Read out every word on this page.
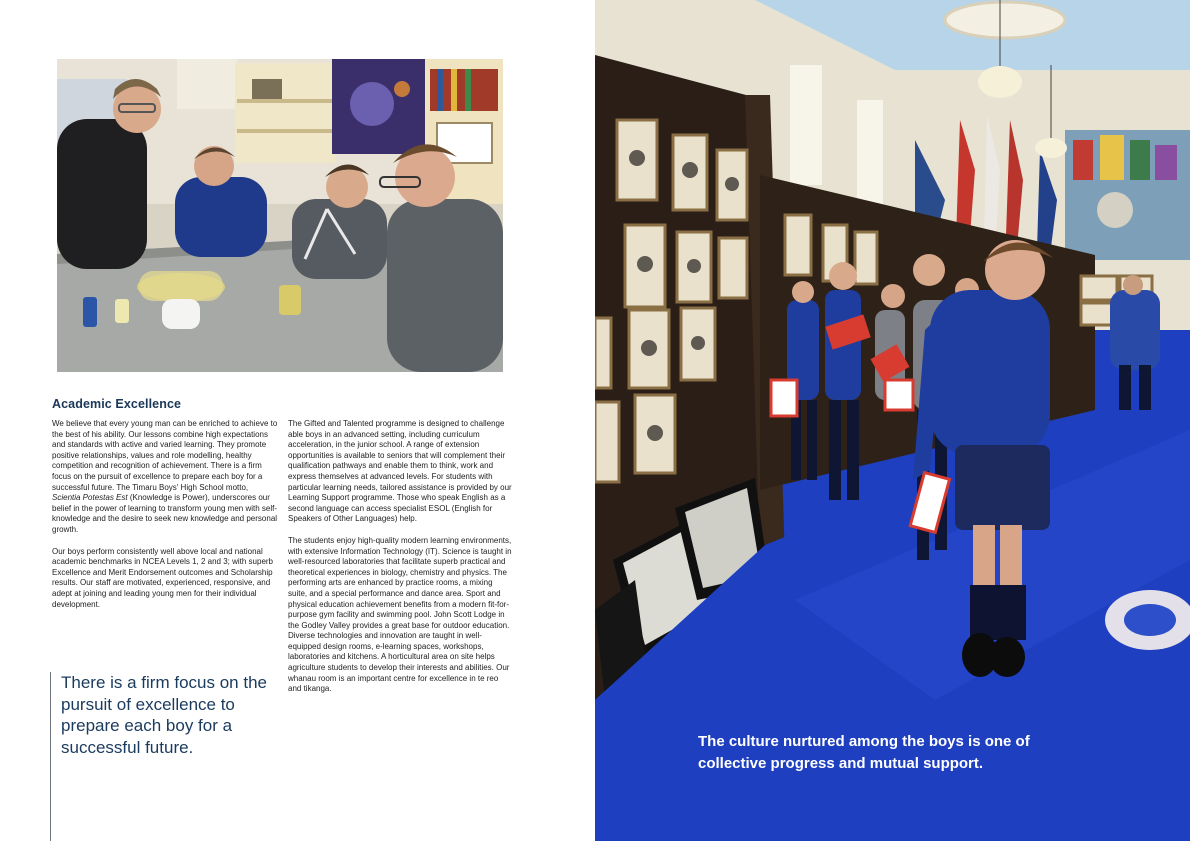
Academic Excellence

We believe that every young man can be enriched to achieve to the best of his ability. Our lessons combine high expectations and standards with active and varied learning. They promote positive relationships, values and role modelling, healthy competition and recognition of achievement. There is a firm focus on the pursuit of excellence to prepare each boy for a successful future. The Timaru Boys' High School motto, Scientia Potestas Est (Knowledge is Power), underscores our belief in the power of learning to transform young men with self-knowledge and the desire to seek new knowledge and personal growth.

Our boys perform consistently well above local and national academic benchmarks in NCEA Levels 1, 2 and 3; with superb Excellence and Merit Endorsement outcomes and Scholarship results. Our staff are motivated, experienced, responsive, and adept at joining and leading young men for their individual development.

The Gifted and Talented programme is designed to challenge able boys in an advanced setting, including curriculum acceleration, in the junior school. A range of extension opportunities is available to seniors that will complement their qualification pathways and enable them to think, work and express themselves at advanced levels. For students with particular learning needs, tailored assistance is provided by our Learning Support programme. Those who speak English as a second language can access specialist ESOL (English for Speakers of Other Languages) help.

The students enjoy high-quality modern learning environments, with extensive Information Technology (IT). Science is taught in well-resourced laboratories that facilitate superb practical and theoretical experiences in biology, chemistry and physics. The performing arts are enhanced by practice rooms, a mixing suite, and a special performance and dance area. Sport and physical education achievement benefits from a modern fit-for-purpose gym facility and swimming pool. John Scott Lodge in the Godley Valley provides a great base for outdoor education. Diverse technologies and innovation are taught in well-equipped design rooms, e-learning spaces, workshops, laboratories and kitchens. A horticultural area on site helps agriculture students to develop their interests and abilities. Our whanau room is an important centre for excellence in te reo and tikanga.

There is a firm focus on the pursuit of excellence to prepare each boy for a successful future.	The culture nurtured among the boys is one of collective progress and mutual support.
